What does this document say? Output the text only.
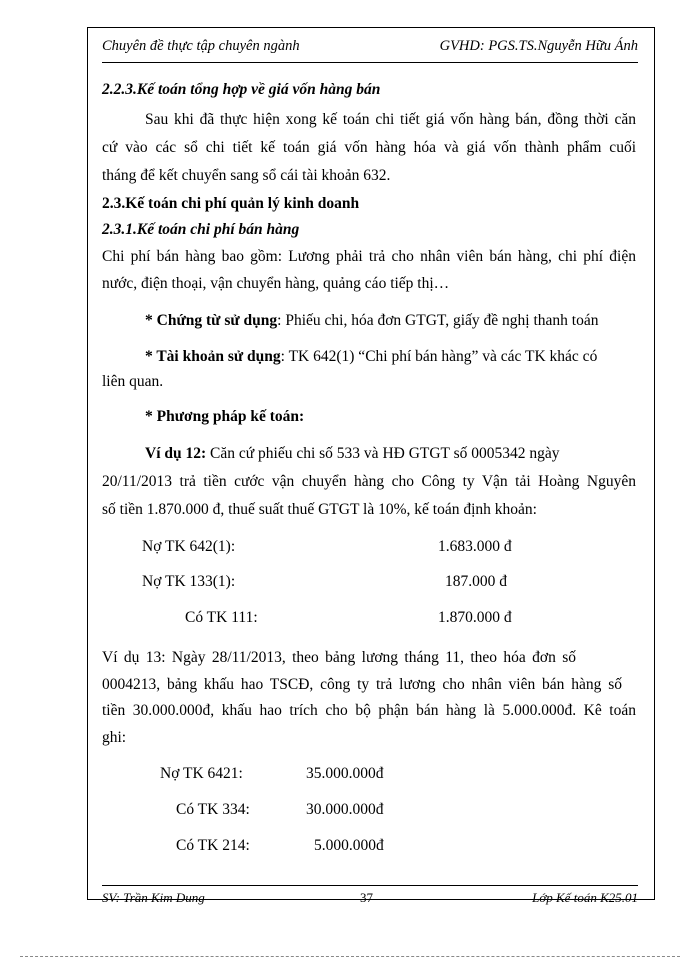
Chuyên đề thực tập chuyên ngành	GVHD: PGS.TS.Nguyễn Hữu Ánh
2.2.3.Kế toán tổng hợp về giá vốn hàng bán
Sau khi đã thực hiện xong kế toán chi tiết giá vốn hàng bán, đồng thời căn
cứ vào các sổ chi tiết kế toán giá vốn hàng hóa và giá vốn thành phẩm cuối
tháng để kết chuyển sang sổ cái tài khoản 632.
2.3.Kế toán chi phí quản lý kinh doanh
2.3.1.Kế toán chi phí bán hàng
Chi phí bán hàng bao gồm: Lương phải trả cho nhân viên bán hàng, chi phí điện
nước, điện thoại, vận chuyển hàng, quảng cáo tiếp thị…
* Chứng từ sử dụng: Phiếu chi, hóa đơn GTGT, giấy đề nghị thanh toán
* Tài khoản sử dụng: TK 642(1) “Chi phí bán hàng” và các TK khác có
liên quan.
* Phương pháp kế toán:
Ví dụ 12: Căn cứ phiếu chi số 533 và HĐ GTGT số 0005342 ngày
20/11/2013 trả tiền cước vận chuyển hàng cho Công ty Vận tải Hoàng Nguyên
số tiền 1.870.000 đ, thuế suất thuế GTGT là 10%, kế toán định khoản:
Nợ TK 642(1):	1.683.000 đ
Nợ TK 133(1):	187.000 đ
Có TK 111:	1.870.000 đ
Ví dụ 13: Ngày 28/11/2013, theo bảng lương tháng 11, theo hóa đơn số
0004213, bảng khấu hao TSCĐ, công ty trả lương cho nhân viên bán hàng số
tiền 30.000.000đ, khấu hao trích cho bộ phận bán hàng là 5.000.000đ. Kê toán
ghi:
Nợ TK 6421:	35.000.000đ
Có TK 334:	30.000.000đ
Có TK 214:	5.000.000đ
SV: Trần Kim Dung	37	Lớp Kế toán K25.01
